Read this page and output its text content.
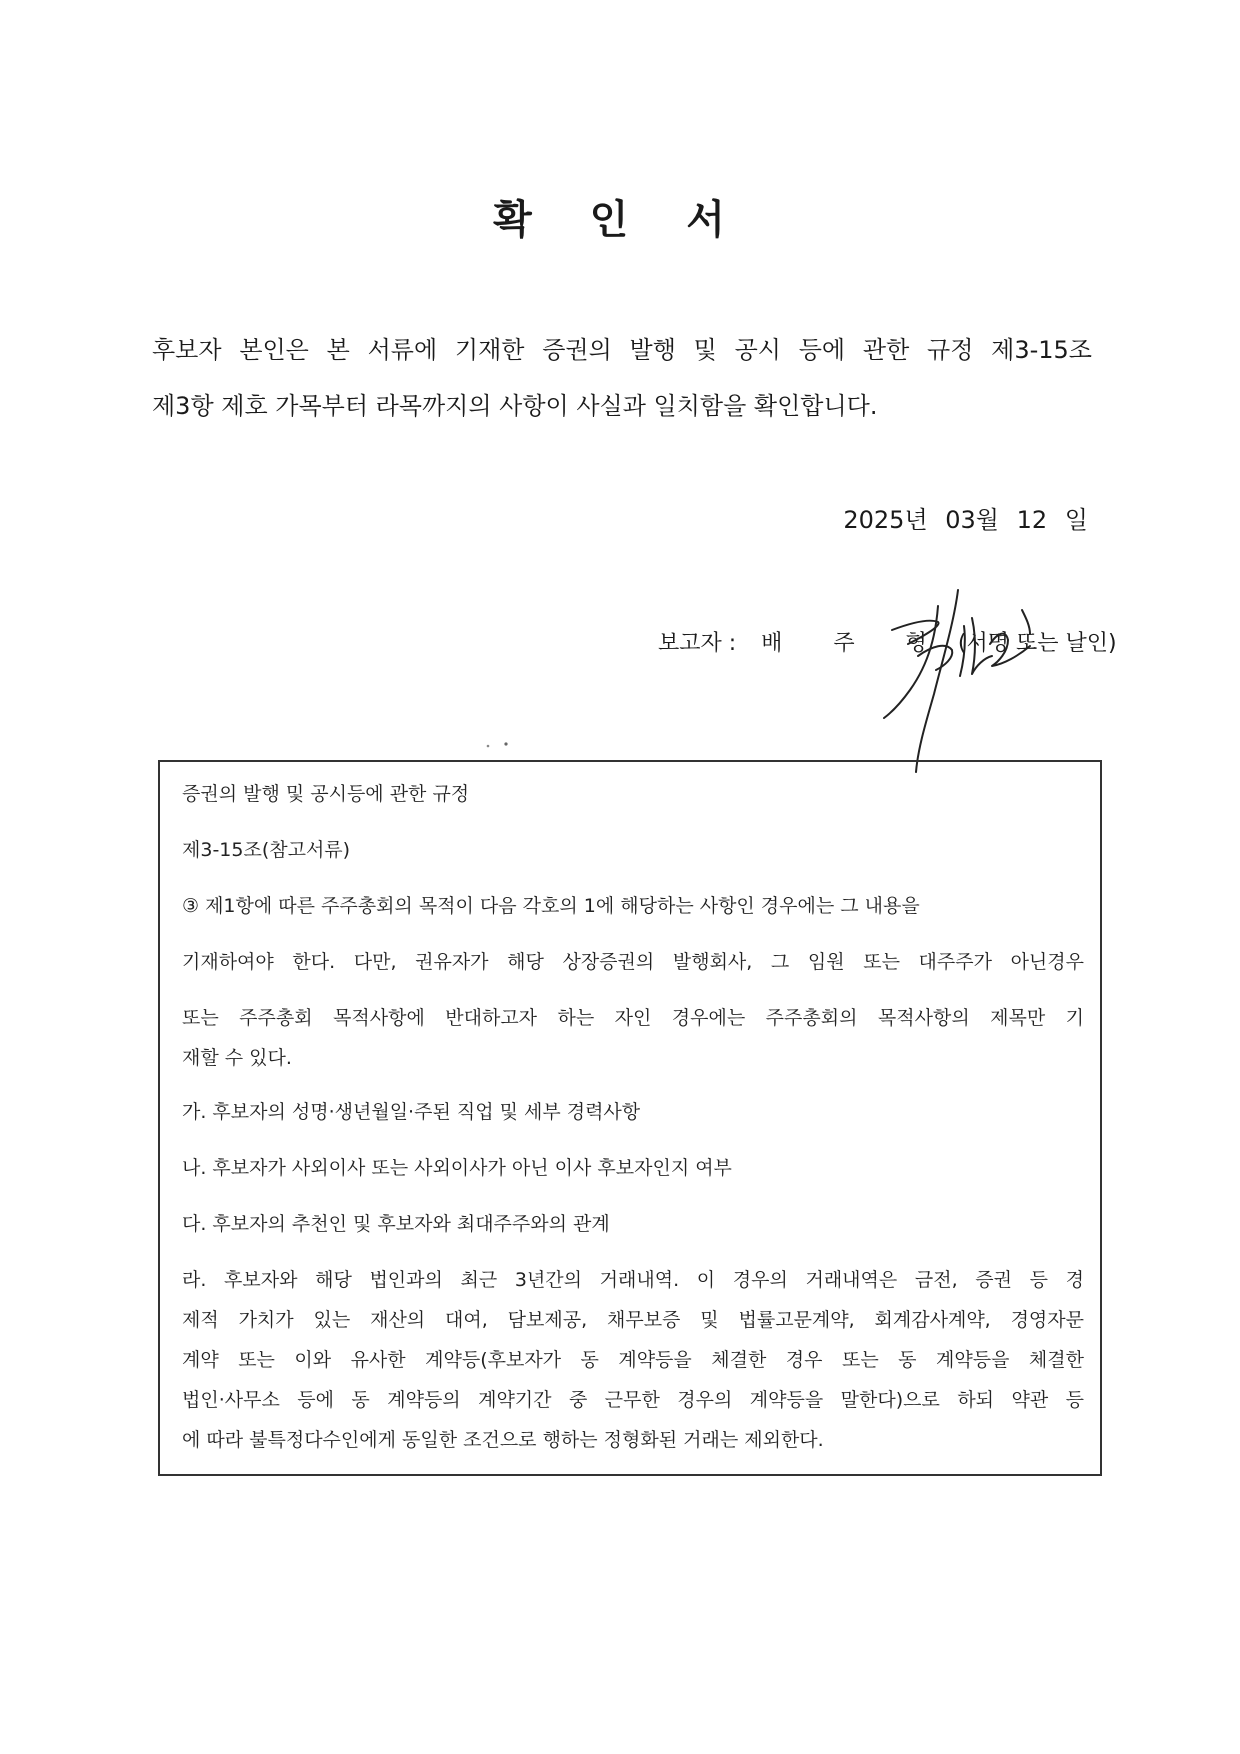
확 인 서
후보자 본인은 본 서류에 기재한 증권의 발행 및 공시 등에 관한 규정 제3-15조
제3항 제호 가목부터 라목까지의 사항이 사실과 일치함을 확인합니다.
2025년 03월 12 일
보고자 : 배 주 형 (서명 또는 날인)
증권의 발행 및 공시등에 관한 규정
제3-15조(참고서류)
③ 제1항에 따른 주주총회의 목적이 다음 각호의 1에 해당하는 사항인 경우에는 그 내용을
기재하여야 한다. 다만, 권유자가 해당 상장증권의 발행회사, 그 임원 또는 대주주가 아닌경우
또는 주주총회 목적사항에 반대하고자 하는 자인 경우에는 주주총회의 목적사항의 제목만 기
재할 수 있다.
가. 후보자의 성명·생년월일·주된 직업 및 세부 경력사항
나. 후보자가 사외이사 또는 사외이사가 아닌 이사 후보자인지 여부
다. 후보자의 추천인 및 후보자와 최대주주와의 관계
라. 후보자와 해당 법인과의 최근 3년간의 거래내역. 이 경우의 거래내역은 금전, 증권 등 경
제적 가치가 있는 재산의 대여, 담보제공, 채무보증 및 법률고문계약, 회계감사계약, 경영자문
계약 또는 이와 유사한 계약등(후보자가 동 계약등을 체결한 경우 또는 동 계약등을 체결한
법인·사무소 등에 동 계약등의 계약기간 중 근무한 경우의 계약등을 말한다)으로 하되 약관 등
에 따라 불특정다수인에게 동일한 조건으로 행하는 정형화된 거래는 제외한다.
